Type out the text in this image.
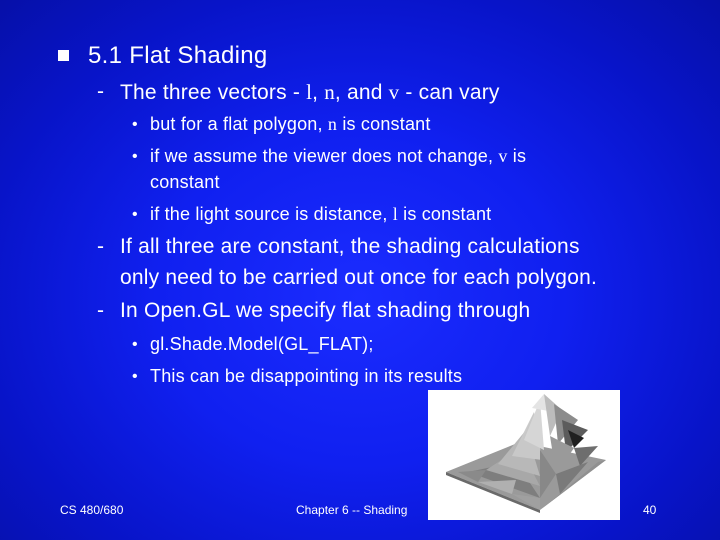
5.1 Flat Shading
- The three vectors - l, n, and v - can vary
• but for a flat polygon, n is constant
• if we assume the viewer does not change, v is
constant
• if the light source is distance, l is constant
- If all three are constant, the shading calculations
only need to be carried out once for each polygon.
- In Open.GL we specify flat shading through
• gl.Shade.Model(GL_FLAT);
• This can be disappointing in its results
CS 480/680	Chapter 6 -- Shading	40
